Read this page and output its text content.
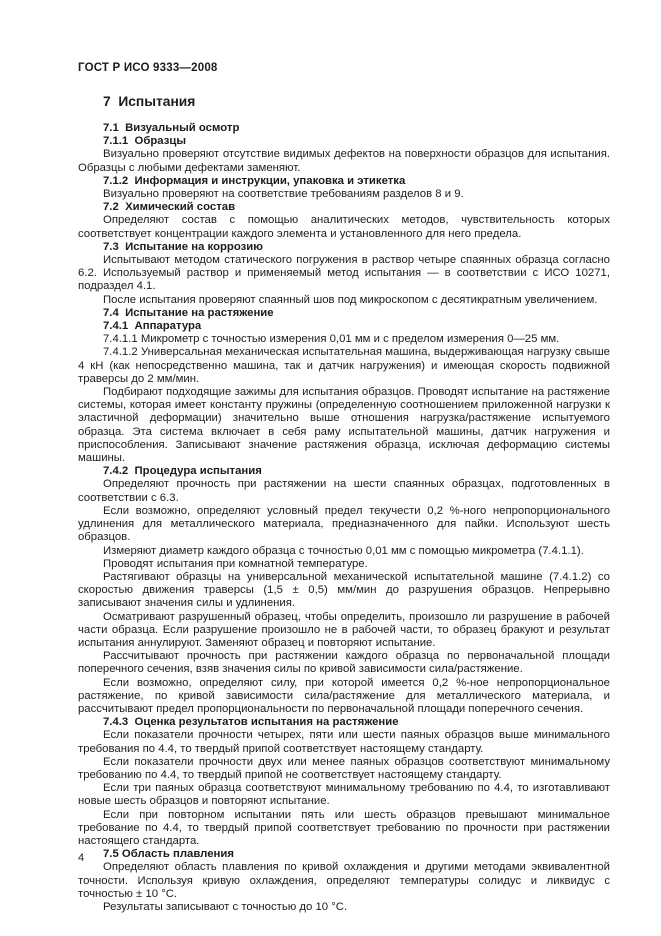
ГОСТ Р ИСО 9333—2008

7  Испытания

7.1  Визуальный осмотр

7.1.1  Образцы

Визуально проверяют отсутствие видимых дефектов на поверхности образцов для испытания. Образцы с любыми дефектами заменяют.

7.1.2  Информация и инструкции, упаковка и этикетка

Визуально проверяют на соответствие требованиям разделов 8 и 9.

7.2  Химический состав

Определяют состав с помощью аналитических методов, чувствительность которых соответствует концентрации каждого элемента и установленного для него предела.

7.3  Испытание на коррозию

Испытывают методом статического погружения в раствор четыре спаянных образца согласно 6.2. Используемый раствор и применяемый метод испытания — в соответствии с ИСО 10271, подраздел 4.1.

После испытания проверяют спаянный шов под микроскопом с десятикратным увеличением.

7.4  Испытание на растяжение

7.4.1  Аппаратура

7.4.1.1 Микрометр с точностью измерения 0,01 мм и с пределом измерения 0—25 мм.

7.4.1.2 Универсальная механическая испытательная машина, выдерживающая нагрузку свыше 4 кН (как непосредственно машина, так и датчик нагружения) и имеющая скорость подвижной траверсы до 2 мм/мин.

Подбирают подходящие зажимы для испытания образцов. Проводят испытание на растяжение системы, которая имеет константу пружины (определенную соотношением приложенной нагрузки к эластичной деформации) значительно выше отношения нагрузка/растяжение испытуемого образца. Эта система включает в себя раму испытательной машины, датчик нагружения и приспособления. Записывают значение растяжения образца, исключая деформацию системы машины.

7.4.2  Процедура испытания

Определяют прочность при растяжении на шести спаянных образцах, подготовленных в соответствии с 6.3.

Если возможно, определяют условный предел текучести 0,2 %-ного непропорционального удлинения для металлического материала, предназначенного для пайки. Используют шесть образцов.

Измеряют диаметр каждого образца с точностью 0,01 мм с помощью микрометра (7.4.1.1).

Проводят испытания при комнатной температуре.

Растягивают образцы на универсальной механической испытательной машине (7.4.1.2) со скоростью движения траверсы (1,5 ± 0,5) мм/мин до разрушения образцов. Непрерывно записывают значения силы и удлинения.

Осматривают разрушенный образец, чтобы определить, произошло ли разрушение в рабочей части образца. Если разрушение произошло не в рабочей части, то образец бракуют и результат испытания аннулируют. Заменяют образец и повторяют испытание.

Рассчитывают прочность при растяжении каждого образца по первоначальной площади поперечного сечения, взяв значения силы по кривой зависимости сила/растяжение.

Если возможно, определяют силу, при которой имеется 0,2 %-ное непропорциональное растяжение, по кривой зависимости сила/растяжение для металлического материала, и рассчитывают предел пропорциональности по первоначальной площади поперечного сечения.

7.4.3  Оценка результатов испытания на растяжение

Если показатели прочности четырех, пяти или шести паяных образцов выше минимального требования по 4.4, то твердый припой соответствует настоящему стандарту.

Если показатели прочности двух или менее паяных образцов соответствуют минимальному требованию по 4.4, то твердый припой не соответствует настоящему стандарту.

Если три паяных образца соответствуют минимальному требованию по 4.4, то изготавливают новые шесть образцов и повторяют испытание.

Если при повторном испытании пять или шесть образцов превышают минимальное требование по 4.4, то твердый припой соответствует требованию по прочности при растяжении настоящего стандарта.

7.5 Область плавления

Определяют область плавления по кривой охлаждения и другими методами эквивалентной точности. Используя кривую охлаждения, определяют температуры солидус и ликвидус с точностью ± 10 °С.

Результаты записывают с точностью до 10 °С.

4
